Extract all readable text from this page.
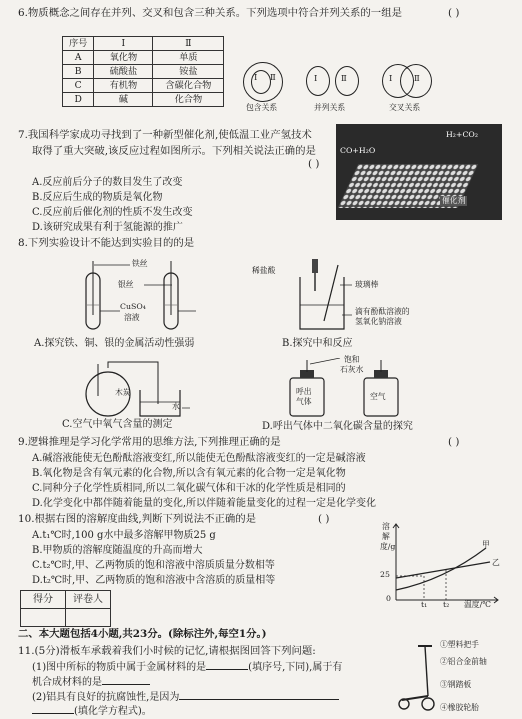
6.物质概念之间存在并列、交叉和包含三种关系。下列选项中符合并列关系的一组是	( )
序号	Ⅰ	Ⅱ
A	氧化物	单质
B	硫酸盐	铵盐
C	有机物	含碳化合物
D	碱	化合物
Ⅰ Ⅱ
包含关系
Ⅰ	Ⅱ
并列关系
Ⅰ	Ⅱ
交叉关系
7.我国科学家成功寻找到了一种新型催化剂,使低温工业产氢技术
取得了重大突破,该反应过程如图所示。下列相关说法正确的是
( )
A.反应前后分子的数目发生了改变
B.反应后生成的物质是氧化物
C.反应前后催化剂的性质不发生改变
D.该研究成果有利于氢能源的推广
CO+H₂O
H₂+CO₂
催化剂
8.下列实验设计不能达到实验目的的是
铁丝
银丝
CuSO₄
溶液
A.探究铁、铜、银的金属活动性强弱
稀盐酸
玻璃棒
滴有酚酞溶液的
氢氧化钠溶液
B.探究中和反应
木炭
水
C.空气中氧气含量的测定
饱和
石灰水
呼出
气体
空气
D.呼出气体中二氧化碳含量的探究
9.逻辑推理是学习化学常用的思维方法,下列推理正确的是	( )
A.碱溶液能使无色酚酞溶液变红,所以能使无色酚酞溶液变红的一定是碱溶液
B.氧化物是含有氧元素的化合物,所以含有氧元素的化合物一定是氧化物
C.同种分子化学性质相同,所以二氧化碳气体和干冰的化学性质是相同的
D.化学变化中都伴随着能量的变化,所以伴随着能量变化的过程一定是化学变化
10.根据右图的溶解度曲线,判断下列说法不正确的是	( )
A.t₁℃时,100 g水中最多溶解甲物质25 g
B.甲物质的溶解度随温度的升高而增大
C.t₂℃时,甲、乙两物质的饱和溶液中溶质质量分数相等
D.t₂℃时,甲、乙两物质的饱和溶液中含溶质的质量相等
溶
解
度/g
25
0
t₁ t₂ 温度/℃
甲
乙
得分	评卷人

二、本大题包括4小题,共23分。(除标注外,每空1分。)
11.(5分)滑板车承载着我们小时候的记忆,请根据图回答下列问题:
(1)图中所标的物质中属于金属材料的是	(填序号,下同),属于有
机合成材料的是
(2)铝具有良好的抗腐蚀性,是因为
(填化学方程式)。
①塑料把手
②铝合金前轴
③钢踏板
④橡胶轮胎
